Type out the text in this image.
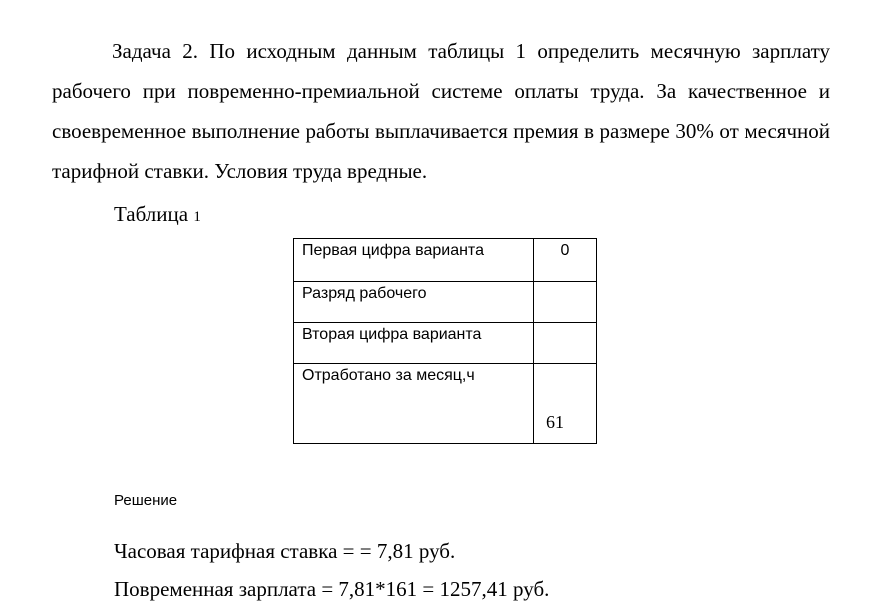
Задача 2. По исходным данным таблицы 1 определить месячную зарплату рабочего при повременно-премиальной системе оплаты труда. За качественное и своевременное выполнение работы выплачивается премия в размере 30% от месячной тарифной ставки. Условия труда вредные.

Таблица 1
Первая цифра варианта	0
Разряд рабочего	
Вторая цифра варианта	
Отработано за месяц,ч	61
Решение
Часовая тарифная ставка = = 7,81 руб.
Повременная зарплата = 7,81*161 = 1257,41 руб.
